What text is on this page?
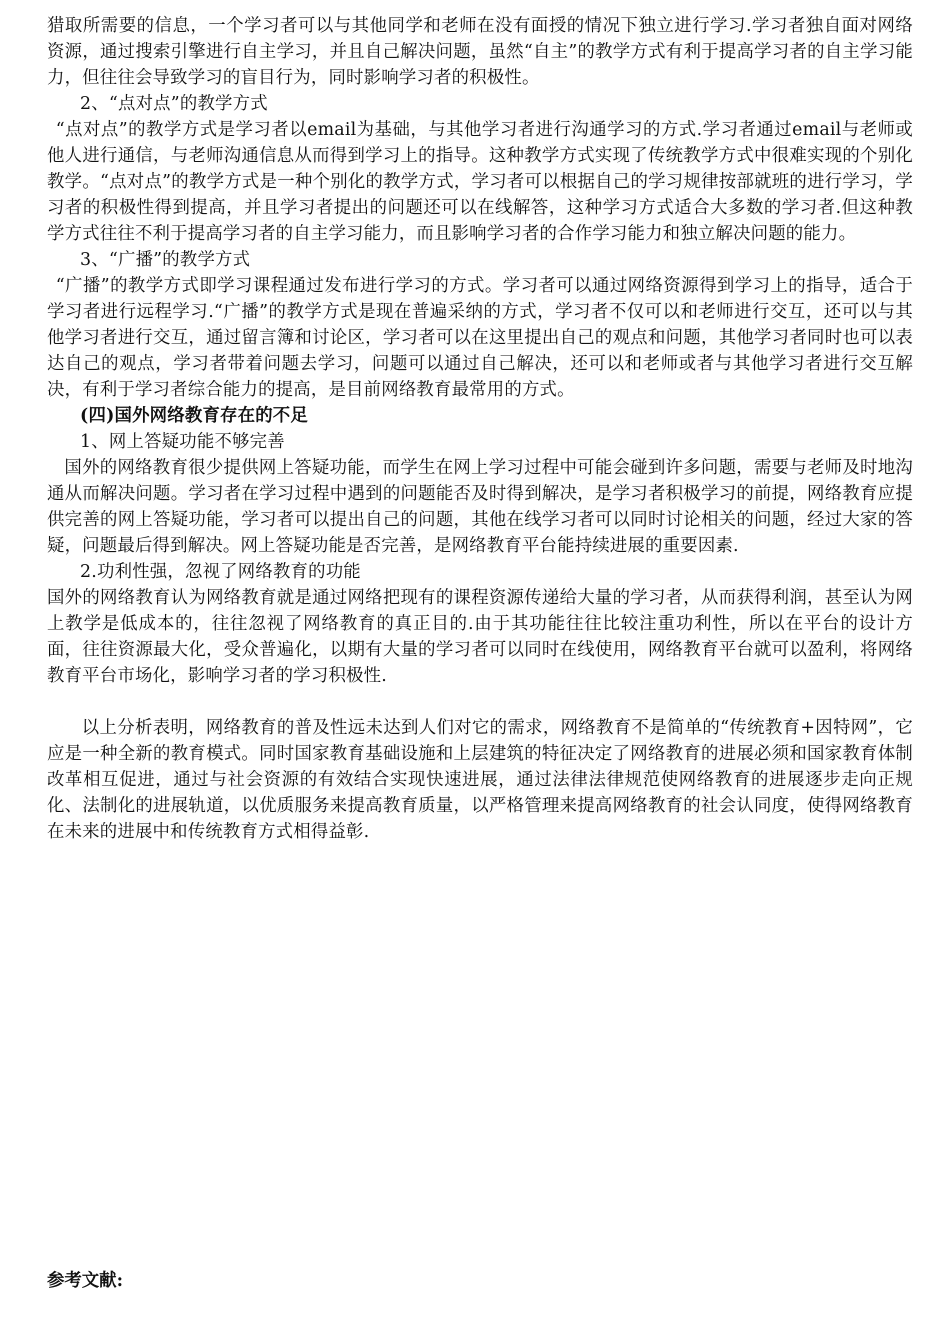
猎取所需要的信息，一个学习者可以与其他同学和老师在没有面授的情况下独立进行学习.学习者独自面对网络资源，通过搜索引擎进行自主学习，并且自己解决问题，虽然“自主”的教学方式有利于提高学习者的自主学习能力，但往往会导致学习的盲目行为，同时影响学习者的积极性。

2、“点对点”的教学方式

“点对点”的教学方式是学习者以email为基础，与其他学习者进行沟通学习的方式.学习者通过email与老师或他人进行通信，与老师沟通信息从而得到学习上的指导。这种教学方式实现了传统教学方式中很难实现的个别化教学。“点对点”的教学方式是一种个别化的教学方式，学习者可以根据自己的学习规律按部就班的进行学习，学习者的积极性得到提高，并且学习者提出的问题还可以在线解答，这种学习方式适合大多数的学习者.但这种教学方式往往不利于提高学习者的自主学习能力，而且影响学习者的合作学习能力和独立解决问题的能力。

3、“广播”的教学方式

“广播”的教学方式即学习课程通过发布进行学习的方式。学习者可以通过网络资源得到学习上的指导，适合于学习者进行远程学习.“广播”的教学方式是现在普遍采纳的方式，学习者不仅可以和老师进行交互，还可以与其他学习者进行交互，通过留言簿和讨论区，学习者可以在这里提出自己的观点和问题，其他学习者同时也可以表达自己的观点，学习者带着问题去学习，问题可以通过自己解决，还可以和老师或者与其他学习者进行交互解决，有利于学习者综合能力的提高，是目前网络教育最常用的方式。

(四)国外网络教育存在的不足

1、网上答疑功能不够完善

国外的网络教育很少提供网上答疑功能，而学生在网上学习过程中可能会碰到许多问题，需要与老师及时地沟通从而解决问题。学习者在学习过程中遇到的问题能否及时得到解决，是学习者积极学习的前提，网络教育应提供完善的网上答疑功能，学习者可以提出自己的问题，其他在线学习者可以同时讨论相关的问题，经过大家的答疑，问题最后得到解决。网上答疑功能是否完善，是网络教育平台能持续进展的重要因素.

2.功利性强，忽视了网络教育的功能

国外的网络教育认为网络教育就是通过网络把现有的课程资源传递给大量的学习者，从而获得利润，甚至认为网上教学是低成本的，往往忽视了网络教育的真正目的.由于其功能往往比较注重功利性，所以在平台的设计方面，往往资源最大化，受众普遍化，以期有大量的学习者可以同时在线使用，网络教育平台就可以盈利，将网络教育平台市场化，影响学习者的学习积极性.

以上分析表明，网络教育的普及性远未达到人们对它的需求，网络教育不是简单的“传统教育+因特网”，它应是一种全新的教育模式。同时国家教育基础设施和上层建筑的特征决定了网络教育的进展必须和国家教育体制改革相互促进，通过与社会资源的有效结合实现快速进展，通过法律法律规范使网络教育的进展逐步走向正规化、法制化的进展轨道，以优质服务来提高教育质量，以严格管理来提高网络教育的社会认同度，使得网络教育在未来的进展中和传统教育方式相得益彰.

参考文献:
